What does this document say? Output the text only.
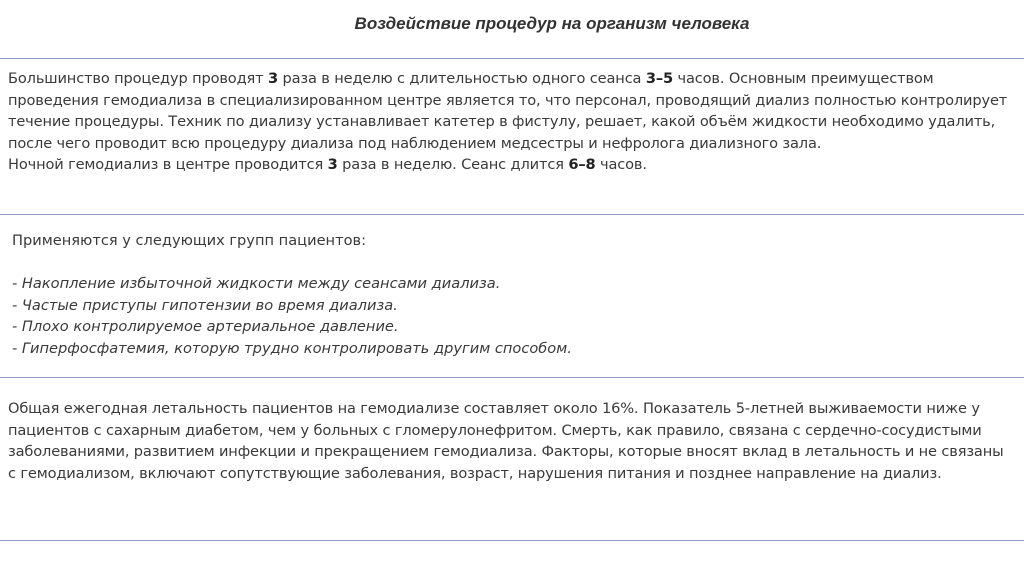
Воздействие процедур на организм человека

Большинство процедур проводят 3 раза в неделю с длительностью одного сеанса 3–5 часов. Основным преимуществом проведения гемодиализа в специализированном центре является то, что персонал, проводящий диализ полностью контролирует течение процедуры. Техник по диализу устанавливает катетер в фистулу, решает, какой объём жидкости необходимо удалить, после чего проводит всю процедуру диализа под наблюдением медсестры и нефролога диализного зала.

Ночной гемодиализ в центре проводится 3 раза в неделю. Сеанс длится 6–8 часов.

Применяются у следующих групп пациентов:

- Накопление избыточной жидкости между сеансами диализа.

- Частые приступы гипотензии во время диализа.

- Плохо контролируемое артериальное давление.

- Гиперфосфатемия, которую трудно контролировать другим способом.

Общая ежегодная летальность пациентов на гемодиализе составляет около 16%. Показатель 5-летней выживаемости ниже у пациентов с сахарным диабетом, чем у больных с гломерулонефритом. Смерть, как правило, связана с сердечно-сосудистыми заболеваниями, развитием инфекции и прекращением гемодиализа. Факторы, которые вносят вклад в летальность и не связаны с гемодиализом, включают сопутствующие заболевания, возраст, нарушения питания и позднее направление на диализ.
